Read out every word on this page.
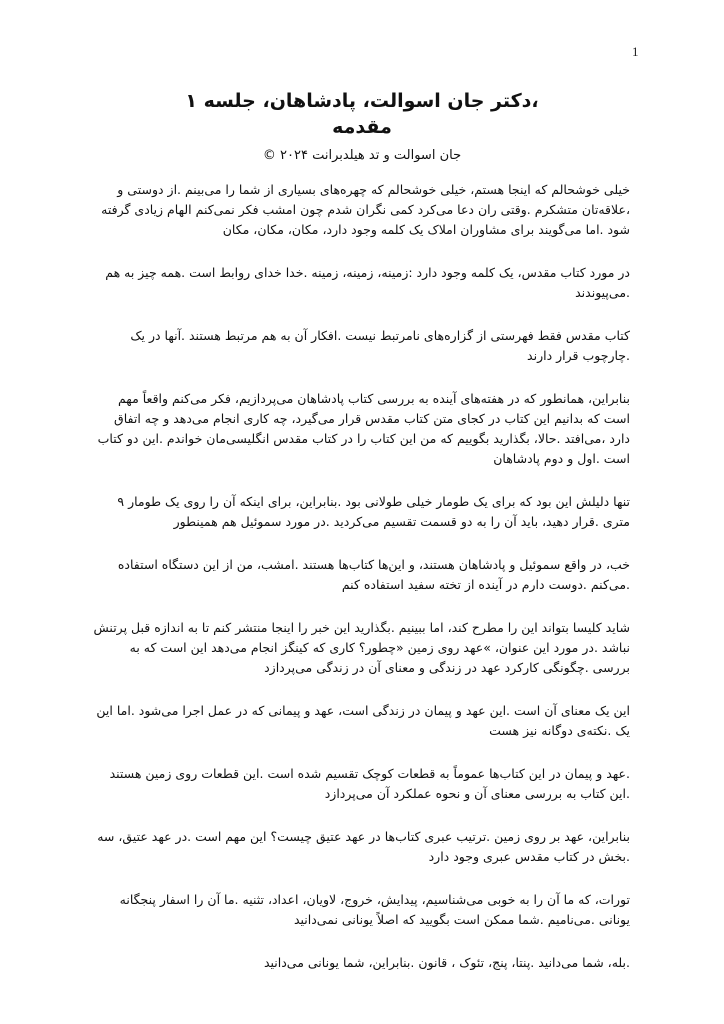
1
،دکتر جان اسوالت، پادشاهان، جلسه ۱
مقدمه
جان اسوالت و تد هیلدبرانت ۲۰۲۴ ©

خیلی خوشحالم که اینجا هستم، خیلی خوشحالم که چهره‌های بسیاری از شما را می‌بینم .از دوستی و ،علاقه‌تان متشکرم .وقتی ران دعا می‌کرد کمی نگران شدم چون امشب فکر نمی‌کنم الهام زیادی گرفته شود .اما می‌گویند برای مشاوران املاک یک کلمه وجود دارد، مکان، مکان، مکان

در مورد کتاب مقدس، یک کلمه وجود دارد :زمینه، زمینه، زمینه .خدا خدای روابط است .همه چیز به هم .می‌پیوندند

کتاب مقدس فقط فهرستی از گزاره‌های نامرتبط نیست .افکار آن به هم مرتبط هستند .آنها در یک .چارچوب قرار دارند

بنابراین، همانطور که در هفته‌های آینده به بررسی کتاب پادشاهان می‌پردازیم، فکر می‌کنم واقعاً مهم است که بدانیم این کتاب در کجای متن کتاب مقدس قرار می‌گیرد، چه کاری انجام می‌دهد و چه اتفاق دارد ،می‌افتد .حالا، بگذارید بگوییم که من این کتاب را در کتاب مقدس انگلیسی‌مان خواندم .این دو کتاب است .اول و دوم پادشاهان

تنها دلیلش این بود که برای یک طومار خیلی طولانی بود .بنابراین، برای اینکه آن را روی یک طومار ۹ متری .قرار دهید، باید آن را به دو قسمت تقسیم می‌کردید .در مورد سموئیل هم همینطور

خب، در واقع سموئیل و پادشاهان هستند، و این‌ها کتاب‌ها هستند .امشب، من از این دستگاه استفاده .می‌کنم .دوست دارم در آینده از تخته سفید استفاده کنم

شاید کلیسا بتواند این را مطرح کند، اما ببینیم .بگذارید این خبر را اینجا منتشر کنم تا به اندازه قبل پرتنش نباشد .در مورد این عنوان، »عهد روی زمین «چطور؟ کاری که کینگز انجام می‌دهد این است که به بررسی .چگونگی کارکرد عهد در زندگی و معنای آن در زندگی می‌پردازد

این یک معنای آن است .این عهد و پیمان در زندگی است، عهد و پیمانی که در عمل اجرا می‌شود .اما این یک .نکته‌ی دوگانه نیز هست

.عهد و پیمان در این کتاب‌ها عموماً به قطعات کوچک تقسیم شده است .این قطعات روی زمین هستند .این کتاب به بررسی معنای آن و نحوه عملکرد آن می‌پردازد

بنابراین، عهد بر روی زمین .ترتیب عبری کتاب‌ها در عهد عتیق چیست؟ این مهم است .در عهد عتیق، سه .بخش در کتاب مقدس عبری وجود دارد

تورات، که ما آن را به خوبی می‌شناسیم، پیدایش، خروج، لاویان، اعداد، تثنیه .ما آن را اسفار پنجگانه یونانی .می‌نامیم .شما ممکن است بگویید که اصلاً یونانی نمی‌دانید

.بله، شما می‌دانید .پنتا، پنج، تئوک ، قانون .بنابراین، شما یونانی می‌دانید
